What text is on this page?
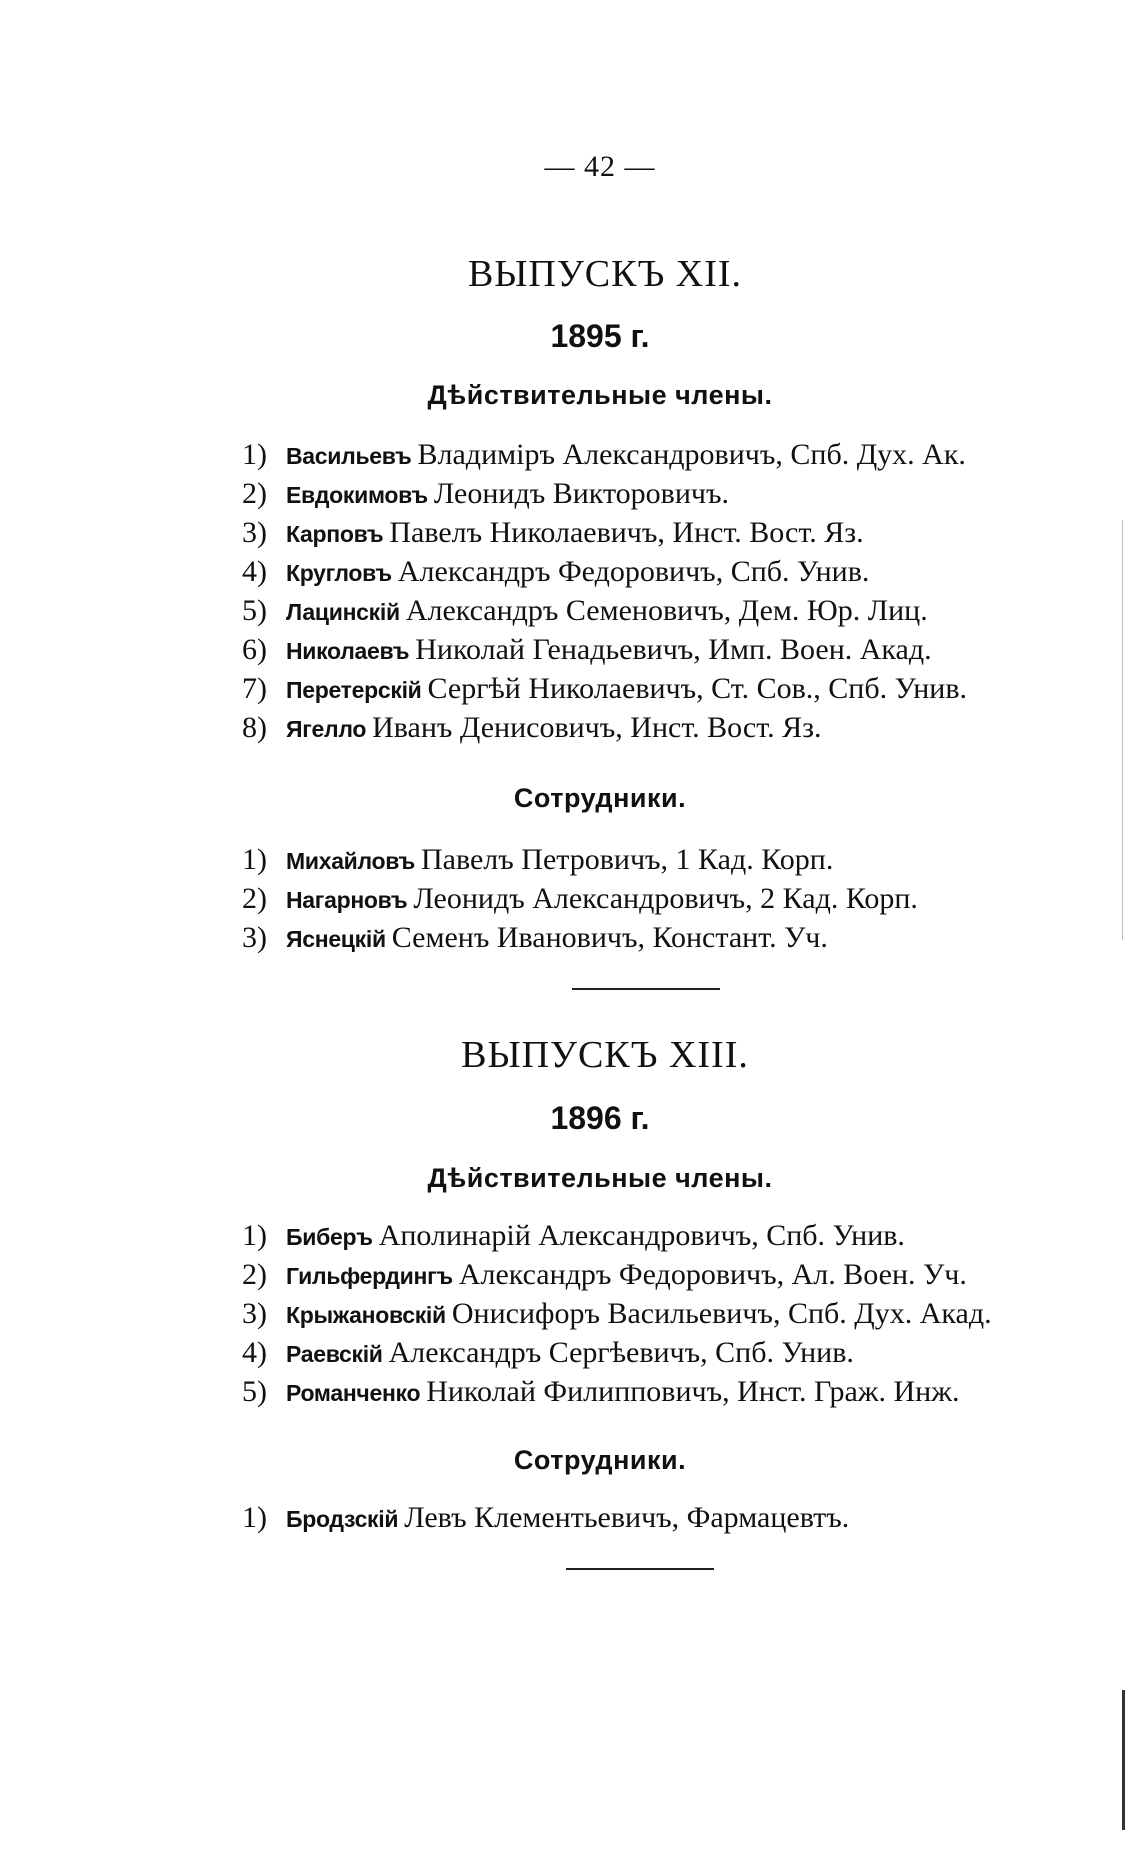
— 42 —
ВЫПУСКЪ XII.
1895 г.
Дѣйствительные члены.
1) Васильевъ Владиміръ Александровичъ, Спб. Дух. Ак.
2) Евдокимовъ Леонидъ Викторовичъ.
3) Карповъ Павелъ Николаевичъ, Инст. Вост. Яз.
4) Кругловъ Александръ Федоровичъ, Спб. Унив.
5) Лацинскій Александръ Семеновичъ, Дем. Юр. Лиц.
6) Николаевъ Николай Генадьевичъ, Имп. Воен. Акад.
7) Перетерскій Сергѣй Николаевичъ, Ст. Сов., Спб. Унив.
8) Ягелло Иванъ Денисовичъ, Инст. Вост. Яз.
Сотрудники.
1) Михайловъ Павелъ Петровичъ, 1 Кад. Корп.
2) Нагарновъ Леонидъ Александровичъ, 2 Кад. Корп.
3) Яснецкій Семенъ Ивановичъ, Констант. Уч.
ВЫПУСКЪ XIII.
1896 г.
Дѣйствительные члены.
1) Биберъ Аполинарій Александровичъ, Спб. Унив.
2) Гильфердингъ Александръ Федоровичъ, Ал. Воен. Уч.
3) Крыжановскій Онисифоръ Васильевичъ, Спб. Дух. Акад.
4) Раевскій Александръ Сергѣевичъ, Спб. Унив.
5) Романченко Николай Филипповичъ, Инст. Граж. Инж.
Сотрудники.
1) Бродзскій Левъ Клементьевичъ, Фармацевтъ.
